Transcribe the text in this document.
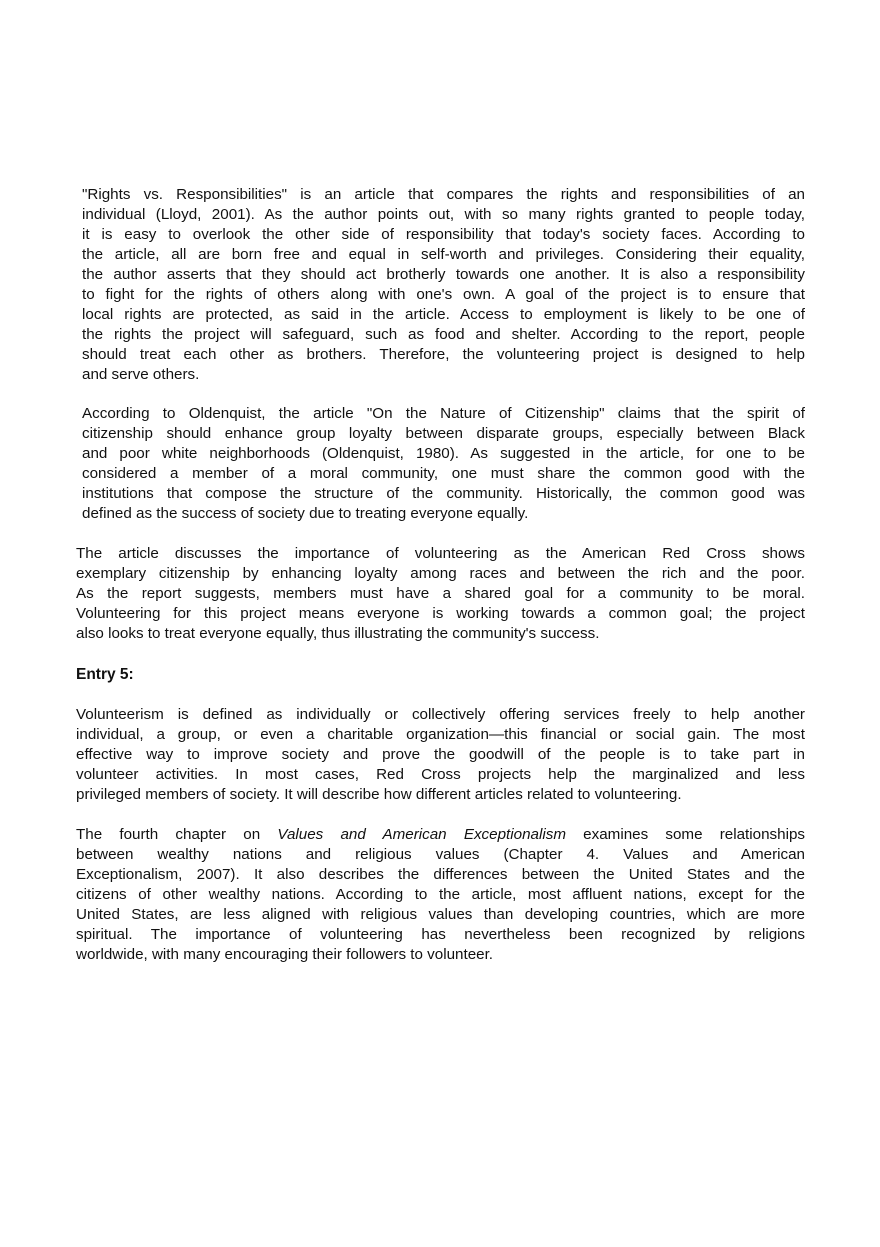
"Rights vs. Responsibilities" is an article that compares the rights and responsibilities of an
individual (Lloyd, 2001). As the author points out, with so many rights granted to people today,
it is easy to overlook the other side of responsibility that today's society faces. According to
the article, all are born free and equal in self-worth and privileges. Considering their equality,
the author asserts that they should act brotherly towards one another. It is also a responsibility
to fight for the rights of others along with one's own. A goal of the project is to ensure that
local rights are protected, as said in the article. Access to employment is likely to be one of
the rights the project will safeguard, such as food and shelter. According to the report, people
should treat each other as brothers. Therefore, the volunteering project is designed to help
and serve others.
According to Oldenquist, the article "On the Nature of Citizenship" claims that the spirit of
citizenship should enhance group loyalty between disparate groups, especially between Black
and poor white neighborhoods (Oldenquist, 1980). As suggested in the article, for one to be
considered a member of a moral community, one must share the common good with the
institutions that compose the structure of the community. Historically, the common good was
defined as the success of society due to treating everyone equally.
The article discusses the importance of volunteering as the American Red Cross shows
exemplary citizenship by enhancing loyalty among races and between the rich and the poor.
As the report suggests, members must have a shared goal for a community to be moral.
Volunteering for this project means everyone is working towards a common goal; the project
also looks to treat everyone equally, thus illustrating the community's success.
Entry 5:
Volunteerism is defined as individually or collectively offering services freely to help another
individual, a group, or even a charitable organization—this financial or social gain. The most
effective way to improve society and prove the goodwill of the people is to take part in
volunteer activities. In most cases, Red Cross projects help the marginalized and less
privileged members of society. It will describe how different articles related to volunteering.
The fourth chapter on Values and American Exceptionalism examines some relationships
between wealthy nations and religious values (Chapter 4. Values and American
Exceptionalism, 2007). It also describes the differences between the United States and the
citizens of other wealthy nations. According to the article, most affluent nations, except for the
United States, are less aligned with religious values than developing countries, which are more
spiritual. The importance of volunteering has nevertheless been recognized by religions
worldwide, with many encouraging their followers to volunteer.
